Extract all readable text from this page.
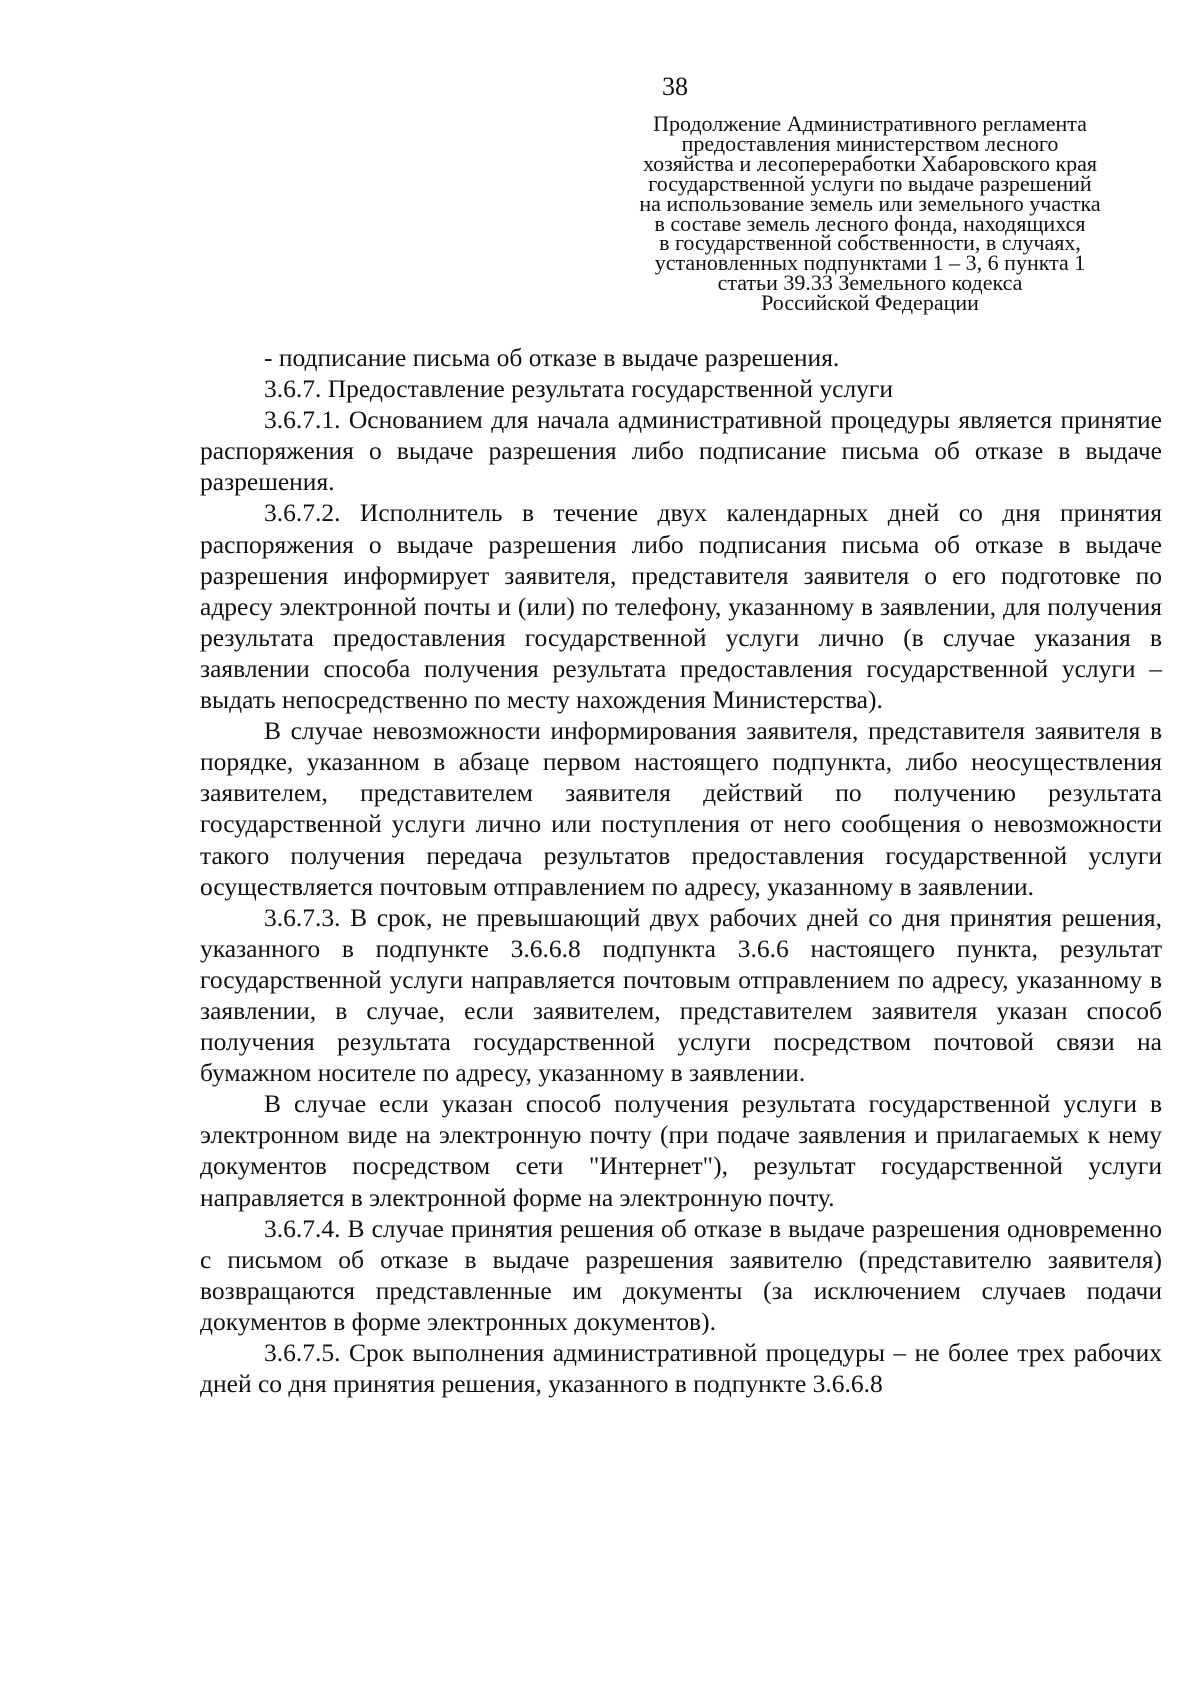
38
Продолжение Административного регламента
предоставления министерством лесного
хозяйства и лесопереработки Хабаровского края
государственной услуги по выдаче разрешений
на использование земель или земельного участка
в составе земель лесного фонда, находящихся
в государственной собственности, в случаях,
установленных подпунктами 1 – 3, 6 пункта 1
статьи 39.33 Земельного кодекса
Российской Федерации

- подписание письма об отказе в выдаче разрешения.

3.6.7. Предоставление результата государственной услуги

3.6.7.1. Основанием для начала административной процедуры является принятие распоряжения о выдаче разрешения либо подписание письма об отказе в выдаче разрешения.

3.6.7.2. Исполнитель в течение двух календарных дней со дня принятия распоряжения о выдаче разрешения либо подписания письма об отказе в выдаче разрешения информирует заявителя, представителя заявителя о его подготовке по адресу электронной почты и (или) по телефону, указанному в заявлении, для получения результата предоставления государственной услуги лично (в случае указания в заявлении способа получения результата предоставления государственной услуги – выдать непосредственно по месту нахождения Министерства).

В случае невозможности информирования заявителя, представителя заявителя в порядке, указанном в абзаце первом настоящего подпункта, либо неосуществления заявителем, представителем заявителя действий по получению результата государственной услуги лично или поступления от него сообщения о невозможности такого получения передача результатов предоставления государственной услуги осуществляется почтовым отправлением по адресу, указанному в заявлении.

3.6.7.3. В срок, не превышающий двух рабочих дней со дня принятия решения, указанного в подпункте 3.6.6.8 подпункта 3.6.6 настоящего пункта, результат государственной услуги направляется почтовым отправлением по адресу, указанному в заявлении, в случае, если заявителем, представителем заявителя указан способ получения результата государственной услуги посредством почтовой связи на бумажном носителе по адресу, указанному в заявлении.

В случае если указан способ получения результата государственной услуги в электронном виде на электронную почту (при подаче заявления и прилагаемых к нему документов посредством сети "Интернет"), результат государственной услуги направляется в электронной форме на электронную почту.

3.6.7.4. В случае принятия решения об отказе в выдаче разрешения одновременно с письмом об отказе в выдаче разрешения заявителю (представителю заявителя) возвращаются представленные им документы (за исключением случаев подачи документов в форме электронных документов).

3.6.7.5. Срок выполнения административной процедуры – не более трех рабочих дней со дня принятия решения, указанного в подпункте 3.6.6.8
